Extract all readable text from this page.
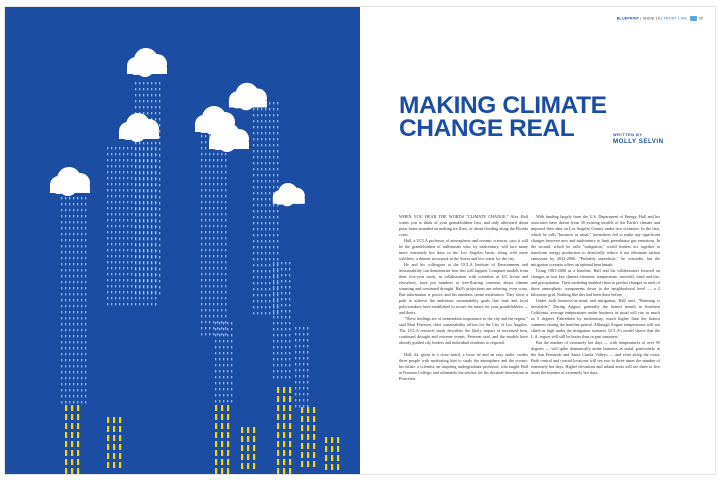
BLUEPRINT | ISSUE 10 | FRONT LINE	29
MAKING CLIMATE
CHANGE REAL	WRITTEN BY
MOLLY SELVIN

WHEN YOU HEAR THE WORDS "CLIMATE CHANGE," Alex Hall wants you to think of your grandchildren first, and only afterward about polar bears stranded on melting ice floes, or about flooding along the Florida coast.

Hall, a UCLA professor of atmospheric and oceanic sciences, says it will be the grandchildren of millennials who, by midcentury, will face many more extremely hot days in the Los Angeles basin, along with more wildfires, a thinner snowpack in the Sierra and less water for the city.

He and his colleagues at the UCLA Institute of Environment and Sustainability can demonstrate how this will happen. Computer models from their five-year study, in collaboration with scientists at UC Irvine and elsewhere, have put numbers to free-floating concerns about climate warming and continued drought. Hall's projections are sobering, even scary. But information is power, and his numbers create motivation. They show a path to achieve the ambitious sustainability goals that state and local policymakers have established to secure the future for your grandchildren — and theirs.

"These findings are of tremendous importance to the city and the region," said Matt Petersen, chief sustainability officer for the City of Los Angeles. The UCLA research study describes the likely impact of increased heat, continued drought and extreme events. Petersen said, and the models have already guided city leaders and individual residents to respond.

Hall, 44, given to a close beard, a loose tie and an easy smile, credits three people with motivating him to study the atmosphere and the oceans: his father, a scientist; an inspiring undergraduate professor, who taught Hall at Pomona College; and ultimately the advisor for his doctoral dissertation at Princeton.

With funding largely from the U.S. Department of Energy, Hall and his associates have drawn from 30 existing models of the Earth's climate and imposed their data on Los Angeles County under two scenarios. In the first, which he calls "business as usual," lawmakers fail to make any significant changes between now and midcentury to limit greenhouse gas emissions. In the second, which he calls "mitigation," world leaders act together to transform energy production to drastically reduce if not eliminate carbon emissions by 2041-2060. "Probably unrealistic," he concedes, but the mitigation scenario offers an optimal benchmark.

Using 1981-2000 as a baseline, Hall and his collaborators focused on changes in four key climate elements: temperature, snowfall, wind and fire, and precipitation. Their modeling enabled them to predict changes in each of these atmospheric components down to the neighborhood level — a 2 kilometer grid. Nothing like this had been done before.

Under both business-as-usual and mitigation, Hall said, "Warming is inevitable." During August, generally the hottest month in Southern California, average temperatures under business as usual will rise as much as 5 degrees Fahrenheit by midcentury, much higher than the hottest summers during the baseline period. Although August temperatures will not climb as high under the mitigation scenario, UCLA's model shows that the L.A. region will still be hotter than in past summers.

But the number of extremely hot days — with temperatures of over 95 degrees — will spike dramatically under business as usual, particularly in the San Fernando and Santa Clarita Valleys — and even along the coast. Both central and coastal locations will see two to three times the number of extremely hot days. Higher elevations and inland areas will see three to five times the number of extremely hot days.
